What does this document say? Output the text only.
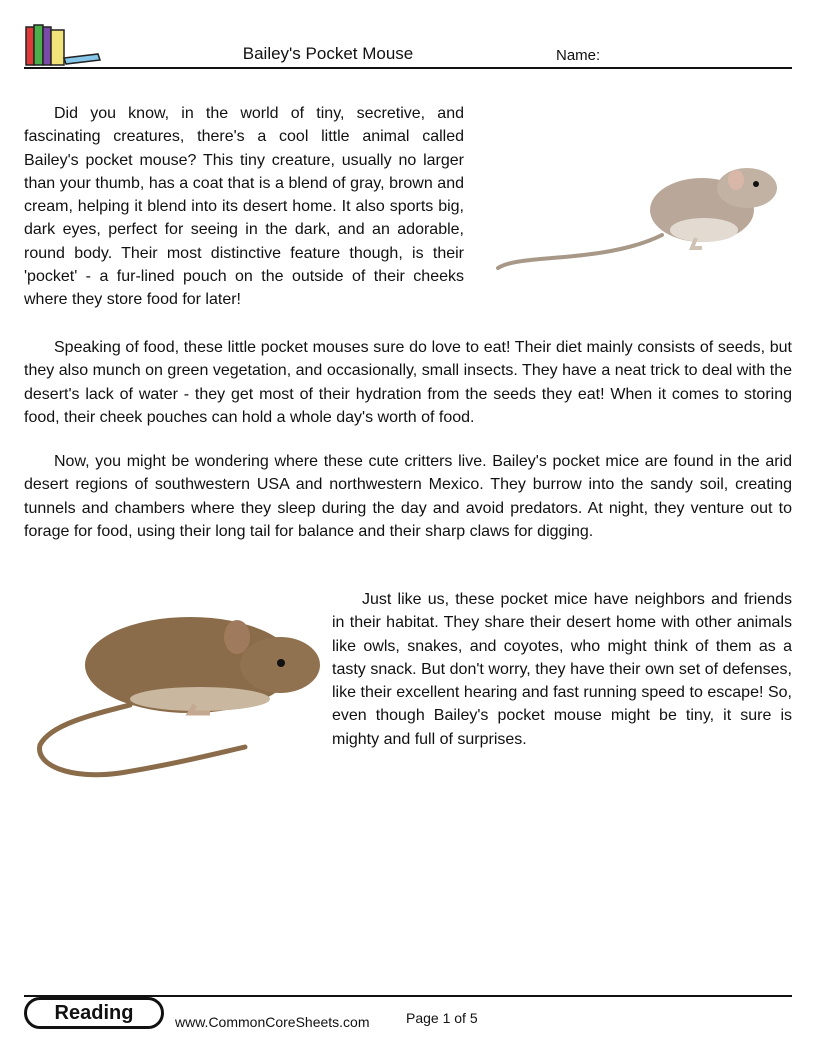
Bailey's Pocket Mouse	Name:

Did you know, in the world of tiny, secretive, and fascinating creatures, there's a cool little animal called Bailey's pocket mouse? This tiny creature, usually no larger than your thumb, has a coat that is a blend of gray, brown and cream, helping it blend into its desert home. It also sports big, dark eyes, perfect for seeing in the dark, and an adorable, round body. Their most distinctive feature though, is their 'pocket' - a fur-lined pouch on the outside of their cheeks where they store food for later!

Speaking of food, these little pocket mouses sure do love to eat! Their diet mainly consists of seeds, but they also munch on green vegetation, and occasionally, small insects. They have a neat trick to deal with the desert's lack of water - they get most of their hydration from the seeds they eat! When it comes to storing food, their cheek pouches can hold a whole day's worth of food.

Now, you might be wondering where these cute critters live. Bailey's pocket mice are found in the arid desert regions of southwestern USA and northwestern Mexico. They burrow into the sandy soil, creating tunnels and chambers where they sleep during the day and avoid predators. At night, they venture out to forage for food, using their long tail for balance and their sharp claws for digging.

Just like us, these pocket mice have neighbors and friends in their habitat. They share their desert home with other animals like owls, snakes, and coyotes, who might think of them as a tasty snack. But don't worry, they have their own set of defenses, like their excellent hearing and fast running speed to escape! So, even though Bailey's pocket mouse might be tiny, it sure is mighty and full of surprises.

Reading	www.CommonCoreSheets.com	Page 1 of 5
